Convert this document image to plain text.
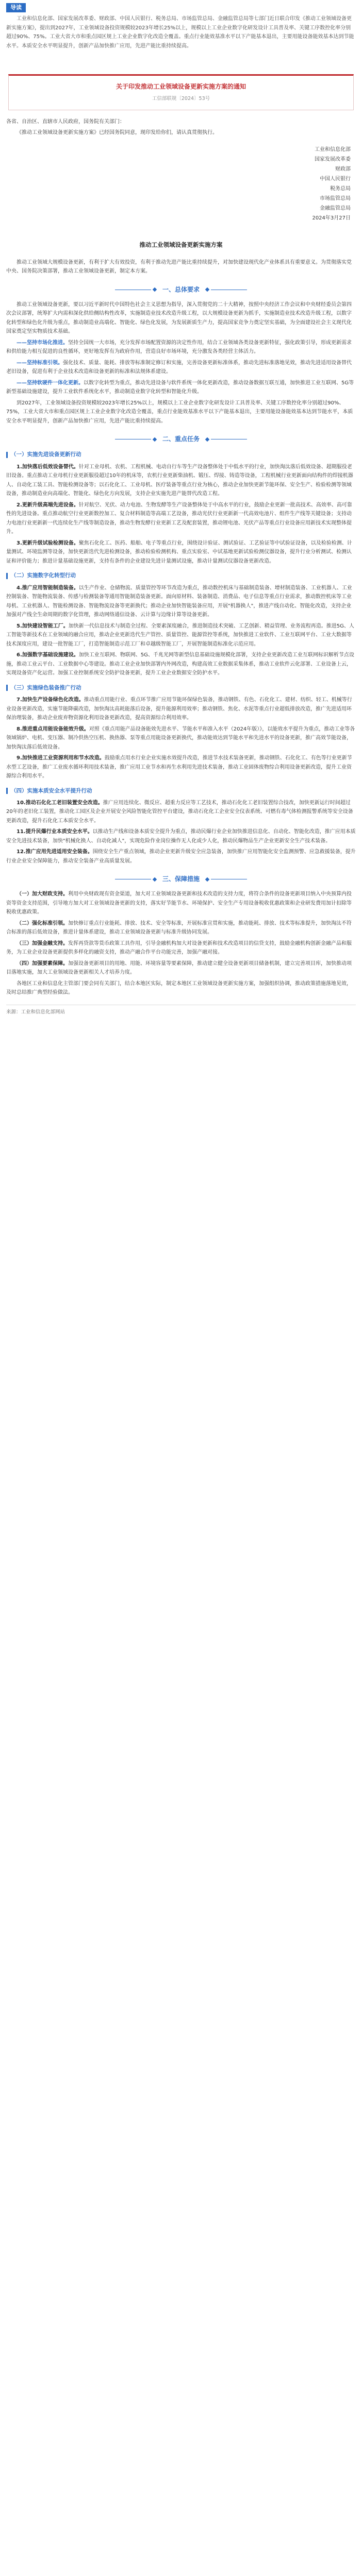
导读

工业和信息化部、国家发展改革委、财政部、中国人民银行、税务总局、市场监管总局、金融监管总局等七部门近日联合印发《推动工业领域设备更新实施方案》，提出到2027年，工业领域设备投资规模较2023年增长25%以上，规模以上工业企业数字化研发设计工具普及率、关键工序数控化率分别超过90%、75%。工业大省大市和重点园区规上工业企业数字化改造全覆盖。重点行业能效基准水平以下产能基本退出，主要用能设备能效基本达到节能水平。本质安全水平明显提升，创新产品加快推广应用，先进产能比重持续提高。

关于印发推动工业领域设备更新实施方案的通知
工信部联规〔2024〕53号

各省、自治区、直辖市人民政府，国务院有关部门：

《推动工业领域设备更新实施方案》已经国务院同意，现印发给你们，请认真贯彻执行。

工业和信息化部
国家发展改革委
财政部
中国人民银行
税务总局
市场监管总局
金融监管总局
2024年3月27日
推动工业领域设备更新实施方案

推动工业领域大规模设备更新，有利于扩大有效投资，有利于推动先进产能比重持续提升，对加快建设现代化产业体系具有重要意义。为贯彻落实党中央、国务院决策部署，推动工业领域设备更新，制定本方案。

一、总体要求

推动工业领域设备更新，要以习近平新时代中国特色社会主义思想为指导，深入贯彻党的二十大精神，按照中央经济工作会议和中央财经委员会第四次会议部署，统筹扩大内需和深化供给侧结构性改革，实施制造业技术改造升级工程，以大规模设备更新为抓手，实施制造业技术改造升级工程，以数字化转型和绿色化升级为重点，推动制造业高端化、智能化、绿色化发展，为发展新质生产力，提高国家竞争力奠定坚实基础，为全面建设社会主义现代化国家奠定坚实物质技术基础。

——坚持市场化推进。坚持全国统一大市场，充分发挥市场配置资源的决定性作用，结合工业领域各类设备更新特征，强化政策引导，形成更新需求和供给能力相互促进的良性循环，更好地发挥有为政府作用，营造良好市场环境，充分激发各类经营主体活力。

——坚持标准引领。强化技术、质量、能耗、排放等标准制定修订和实施，完善设备更新标准体系，推动先进标准落地见效，推动先进适用设备替代老旧设备，促进有利于企业技术改造和设备更新的标准和法规体系建设。

——坚持软硬件一体化更新。以数字化转型为重点，推动先进设备与软件系统一体化更新改造，推动设备数据互联互通，加快推进工业互联网、5G等新型基础设施建设，提升工业软件系统化水平，推动制造业数字化转型和智能化升级。

到2027年，工业领域设备投资规模较2023年增长25%以上，规模以上工业企业数字化研发设计工具普及率、关键工序数控化率分别超过90%、75%，工业大省大市和重点园区规上工业企业数字化改造全覆盖，重点行业能效基准水平以下产能基本退出，主要用能设备能效基本达到节能水平，本质安全水平明显提升，创新产品加快推广应用，先进产能比重持续提高。

二、重点任务
（一）实施先进设备更新行动

1.加快落后低效设备替代。针对工业母机、农机、工程机械、电动自行车等生产设备整体处于中低水平的行业，加快淘汰落后低效设备、超期服役老旧设备。重点推动工业母机行业更新服役超过10年的机床等，农机行业更新柴油机、锻压、焊接、铸造等设备，工程机械行业更新面向结构件的焊接机器人、自动化工装工具、智能检测设备等；以石化化工、工业母机、医疗装备等重点行业为核心，推动企业加快更新节能环保、安全生产、检验检测等领域设备，推动制造业向高端化、智能化、绿色化方向发展，支持企业实施先进产能替代改造工程。

2.更新升级高端先进设备。针对航空、光伏、动力电池、生物发酵等生产设备整体处于中高水平的行业，鼓励企业更新一批高技术、高效率、高可靠性的先进设备。重点推动航空行业更新数控加工、复合材料制造等高端工艺设备，推动光伏行业更新新一代高效电池片、组件生产线等关键设备；支持动力电池行业更新新一代连续化生产线等制造设备，推动生物发酵行业更新工艺及配套装置，推动锂电池、光伏产品等重点行业设备应用新技术实现整体提升。

3.更新升级试验检测设备。聚焦石化化工、医药、船舶、电子等重点行业，围绕设计验证、测试验证、工艺验证等中试验证设备，以及检验检测、计量测试、环境监测等设备，加快更新迭代先进检测设备，推动检验检测机构、重点实验室、中试基地更新试验检测仪器设备，提升行业分析测试、检测认证和评价能力；推进计量基础设施更新，支持有条件的企业建设先进计量测试设施，推动计量测试仪器设备更新改造。

（二）实施数字化转型行动

4.推广应用智能制造装备。以生产作业、仓储物流、质量管控等环节改造为重点，推动数控机床与基础制造装备、增材制造装备、工业机器人、工业控制装备、智能物流装备、传感与检测装备等通用智能制造装备更新。面向原材料、装备制造、消费品、电子信息等重点行业需求，推动数控机床等工业母机、工业机器人、智能检测设备、智能物流设备等更新换代；推动企业加快智能装备应用，开展"机器换人"，推进产线自动化、智能化改造，支持企业加强对产线全生命周期的数字化管理，推动网络通信设备、云计算与边缘计算等设备更新。

5.加快建设智能工厂。加快新一代信息技术与制造全过程、全要素深度融合，推进制造技术突破、工艺创新、精益管理、业务流程再造。推进5G、人工智能等新技术在工业领域的融合应用，推动企业更新迭代生产管控、质量管控、能源管控等系统，加快推进工业软件、工业互联网平台、工业大数据等技术深度应用，建设一批智能工厂，打造智能制造示范工厂和卓越级智能工厂，开展智能制造标准化示范应用。

6.加强数字基础设施建设。加快工业互联网、物联网、5G、千兆光网等新型信息基础设施规模化部署，支持企业更新改造工业互联网标识解析节点设施，推动工业云平台、工业数据中心等建设。推动工业企业加快部署内外网改造，构建高效工业数据采集体系，推动工业软件云化部署、工业设备上云，实现设备资产化运营。加强工业控制系统安全防护设备更新，提升工业企业数据安全防护水平。

（三）实施绿色装备推广行动

7.加快生产设备绿色化改造。推动重点用能行业、重点环节推广应用节能环保绿色装备，推动钢铁、有色、石化化工、建材、纺织、轻工、机械等行业设备更新改造，实施节能降碳改造，加快淘汰高耗能落后设备，提升能源利用效率；推动钢铁、焦化、水泥等重点行业超低排放改造，推广先进适用环保治理装备，推动企业废弃物资源化利用设备更新改造，提高资源综合利用效率。

8.推进重点用能设备能效升级。对照《重点用能产品设备能效先进水平、节能水平和准入水平（2024年版）》，以能效水平提升为重点，推动工业等各领域锅炉、电机、变压器、制冷供热空压机、换热器、泵等重点用能设备更新换代，推动能效达到节能水平和先进水平的设备更新，推广高效节能设备，加快淘汰落后低效设备。

9.加快推进工业资源利用和节水改造。鼓励重点用水行业企业实施水效提升改造，推进节水技术装备更新，推动钢铁、石化化工、有色等行业更新节水型工艺设备，推广工业废水循环利用技术装备，推广应用工业节水和再生水利用先进技术装备，推动工业固体废物综合利用设备更新改造，提升工业资源综合利用水平。

（四）实施本质安全水平提升行动

10.推动石化化工老旧装置安全改造。推广应用连续化、微反应、超重力反应等工艺技术，推动石化化工老旧装置综合技改，加快更新运行时间超过20年的老旧化工装置，推动化工园区及企业开展安全风险智能化管控平台建设，推动石化化工企业安全仪表系统、可燃有毒气体检测报警系统等安全设备更新改造，提升石化化工本质安全水平。

11.提升民爆行业本质安全水平。以推动生产线和设备本质安全提升为重点，推动民爆行业企业加快推进信息化、自动化、智能化改造，推广应用本质安全先进技术装备，加快"机械化换人、自动化减人"，实现危险作业岗位操作无人化或少人化，推动民爆物品生产企业更新安全生产技术装备。

12.推广应用先进适用安全装备。围绕安全生产重点领域，推动企业更新升级安全应急装备，加快推广应用智能化安全监测预警、应急救援装备，提升行业企业安全保障能力，推动安全装备产业高质量发展。

三、保障措施

（一）加大财政支持。利用中央财政现有资金渠道，加大对工业领域设备更新和技术改造的支持力度，将符合条件的设备更新项目纳入中央预算内投资等资金支持范围，引导地方加大对工业领域设备更新的支持，落实好节能节水、环境保护、安全生产专用设备税收优惠政策和企业研发费用加计扣除等税收优惠政策。

（二）强化标准引领。加快修订重点行业能耗、排放、技术、安全等标准，开展标准宣贯和实施，推动能耗、排放、技术等标准提升，加快淘汰不符合标准的落后低效设备，推进计量体系建设，推动工业领域设备更新与标准升级协同发展。

（三）加强金融支持。发挥再贷款等货币政策工具作用，引导金融机构加大对设备更新和技术改造项目的信贷支持，鼓励金融机构创新金融产品和服务，为工业企业设备更新提供多样化的融资支持，推动产融合作平台功能完善，加强产融对接。

（四）加强要素保障。加强设备更新项目的用地、用能、环境容量等要素保障，推动建立健全设备更新项目储备机制，建立完善项目库，加快推动项目落地实施，加大工业领域设备更新相关人才培养力度。

各地区工业和信息化主管部门要会同有关部门，结合本地区实际，制定本地区工业领域设备更新实施方案，加强组织协调，推动政策措施落地见效，及时总结推广典型经验做法。

来源：工业和信息化部网站
